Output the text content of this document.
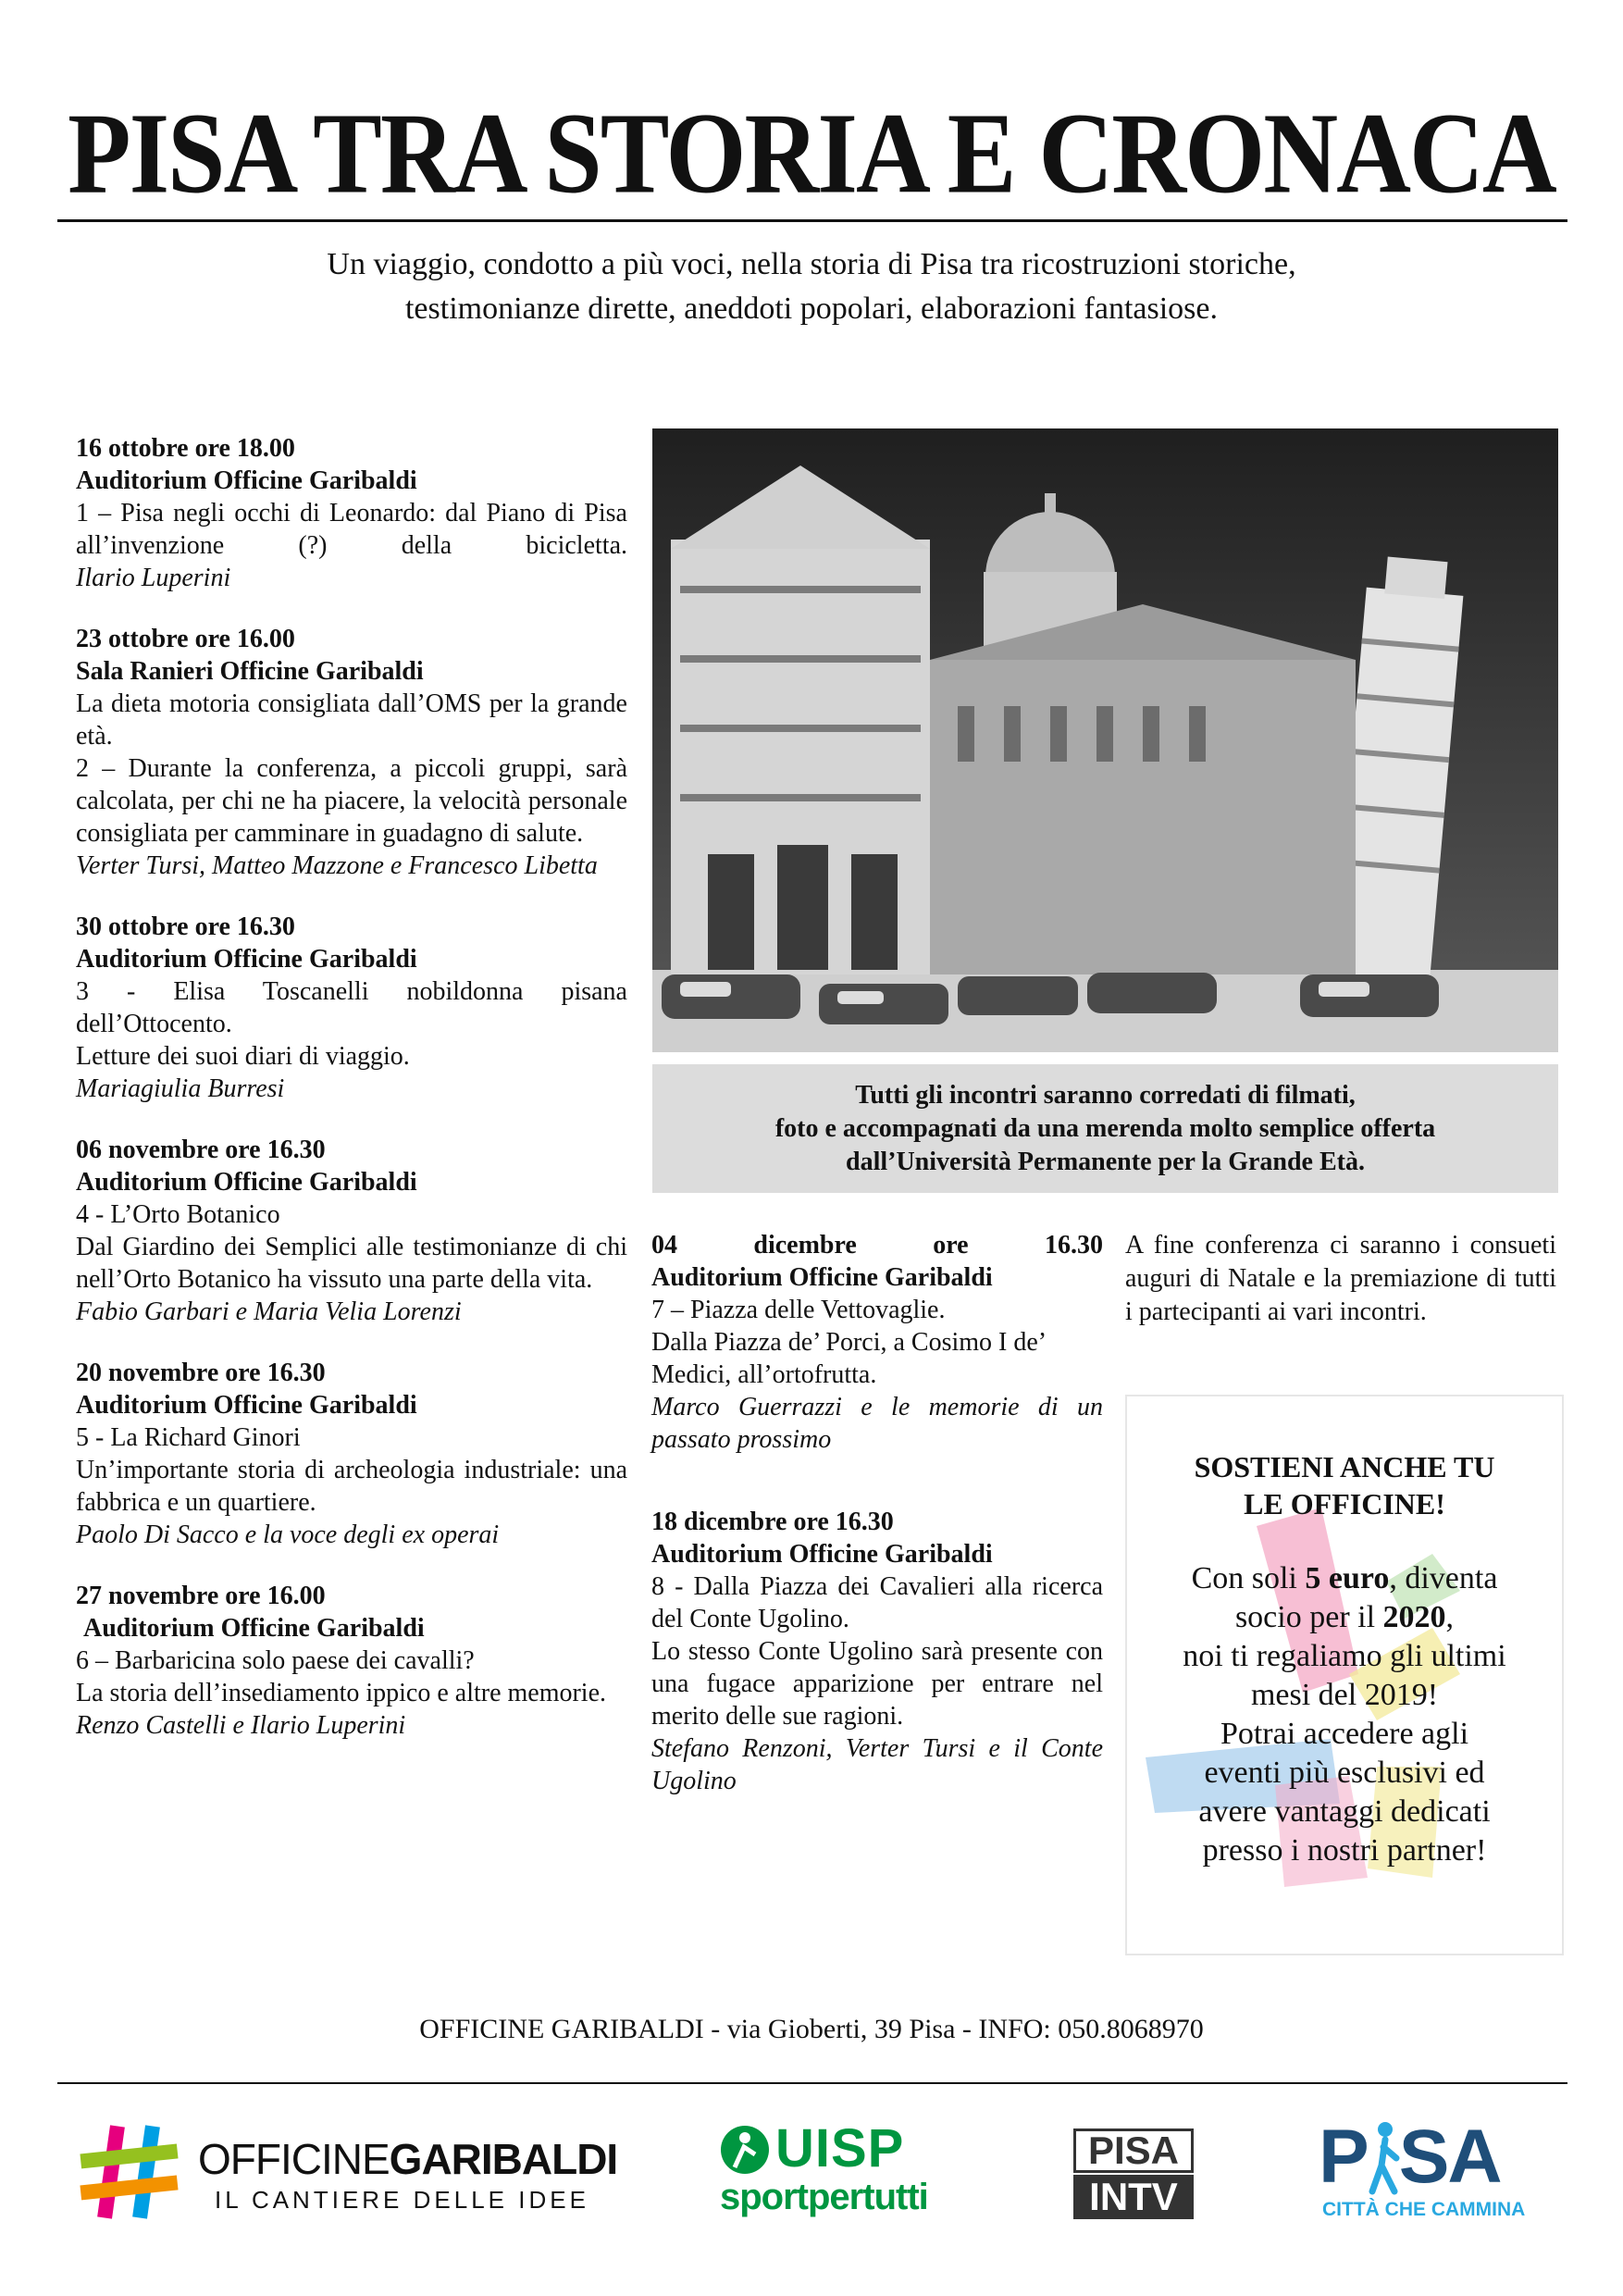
PISA TRA STORIA E CRONACA
Un viaggio, condotto a più voci, nella storia di Pisa tra ricostruzioni storiche,
testimonianze dirette, aneddoti popolari, elaborazioni fantasiose.

16 ottobre ore 18.00

Auditorium Officine Garibaldi

1 – Pisa negli occhi di Leonardo: dal Piano di Pisa all’invenzione (?) della bicicletta.

Ilario Luperini

23 ottobre ore 16.00

Sala Ranieri Officine Garibaldi

La dieta motoria consigliata dall’OMS per la grande età.

2 – Durante la conferenza, a piccoli gruppi, sarà calcolata, per chi ne ha piacere, la velocità personale consigliata per camminare in guadagno di salute.

Verter Tursi, Matteo Mazzone e Francesco Libetta

30 ottobre ore 16.30

Auditorium Officine Garibaldi

3 - Elisa Toscanelli nobildonna pisana dell’Ottocento.

Letture dei suoi diari di viaggio.

Mariagiulia Burresi

06 novembre ore 16.30

Auditorium Officine Garibaldi

4 - L’Orto Botanico

Dal Giardino dei Semplici alle testimonianze di chi nell’Orto Botanico ha vissuto una parte della vita.

Fabio Garbari e Maria Velia Lorenzi

20 novembre ore 16.30

Auditorium Officine Garibaldi

5 - La Richard Ginori

Un’importante storia di archeologia industriale: una fabbrica e un quartiere.

Paolo Di Sacco e la voce degli ex operai

27 novembre ore 16.00

Auditorium Officine Garibaldi

6 – Barbaricina solo paese dei cavalli?

La storia dell’insediamento ippico e altre memorie.

Renzo Castelli e Ilario Luperini

Tutti gli incontri saranno corredati di filmati,
foto e accompagnati da una merenda molto semplice offerta
dall’Università Permanente per la Grande Età.

04 dicembre ore 16.30

Auditorium Officine Garibaldi

7 – Piazza delle Vettovaglie.

Dalla Piazza de’ Porci, a Cosimo I de’ Medici, all’ortofrutta.

Marco Guerrazzi e le memorie di un passato prossimo

18 dicembre ore 16.30

Auditorium Officine Garibaldi

8 - Dalla Piazza dei Cavalieri alla ricerca del Conte Ugolino.

Lo stesso Conte Ugolino sarà presente con una fugace apparizione per entrare nel merito delle sue ragioni.

Stefano Renzoni, Verter Tursi e il Conte Ugolino

A fine conferenza ci saranno i consueti auguri di Natale e la premiazione di tutti i partecipanti ai vari incontri.
SOSTIENI ANCHE TU
LE OFFICINE!
Con soli 5 euro, diventa
socio per il 2020,
noi ti regaliamo gli ultimi
mesi del 2019!
Potrai accedere agli
eventi più esclusivi ed
avere vantaggi dedicati
presso i nostri partner!
OFFICINE GARIBALDI - via Gioberti, 39 Pisa - INFO: 050.8068970
OFFICINEGARIBALDI
IL CANTIERE DELLE IDEE
UISP
sportpertutti
PISA
INTV P SA
CITTÀ CHE CAMMINA
